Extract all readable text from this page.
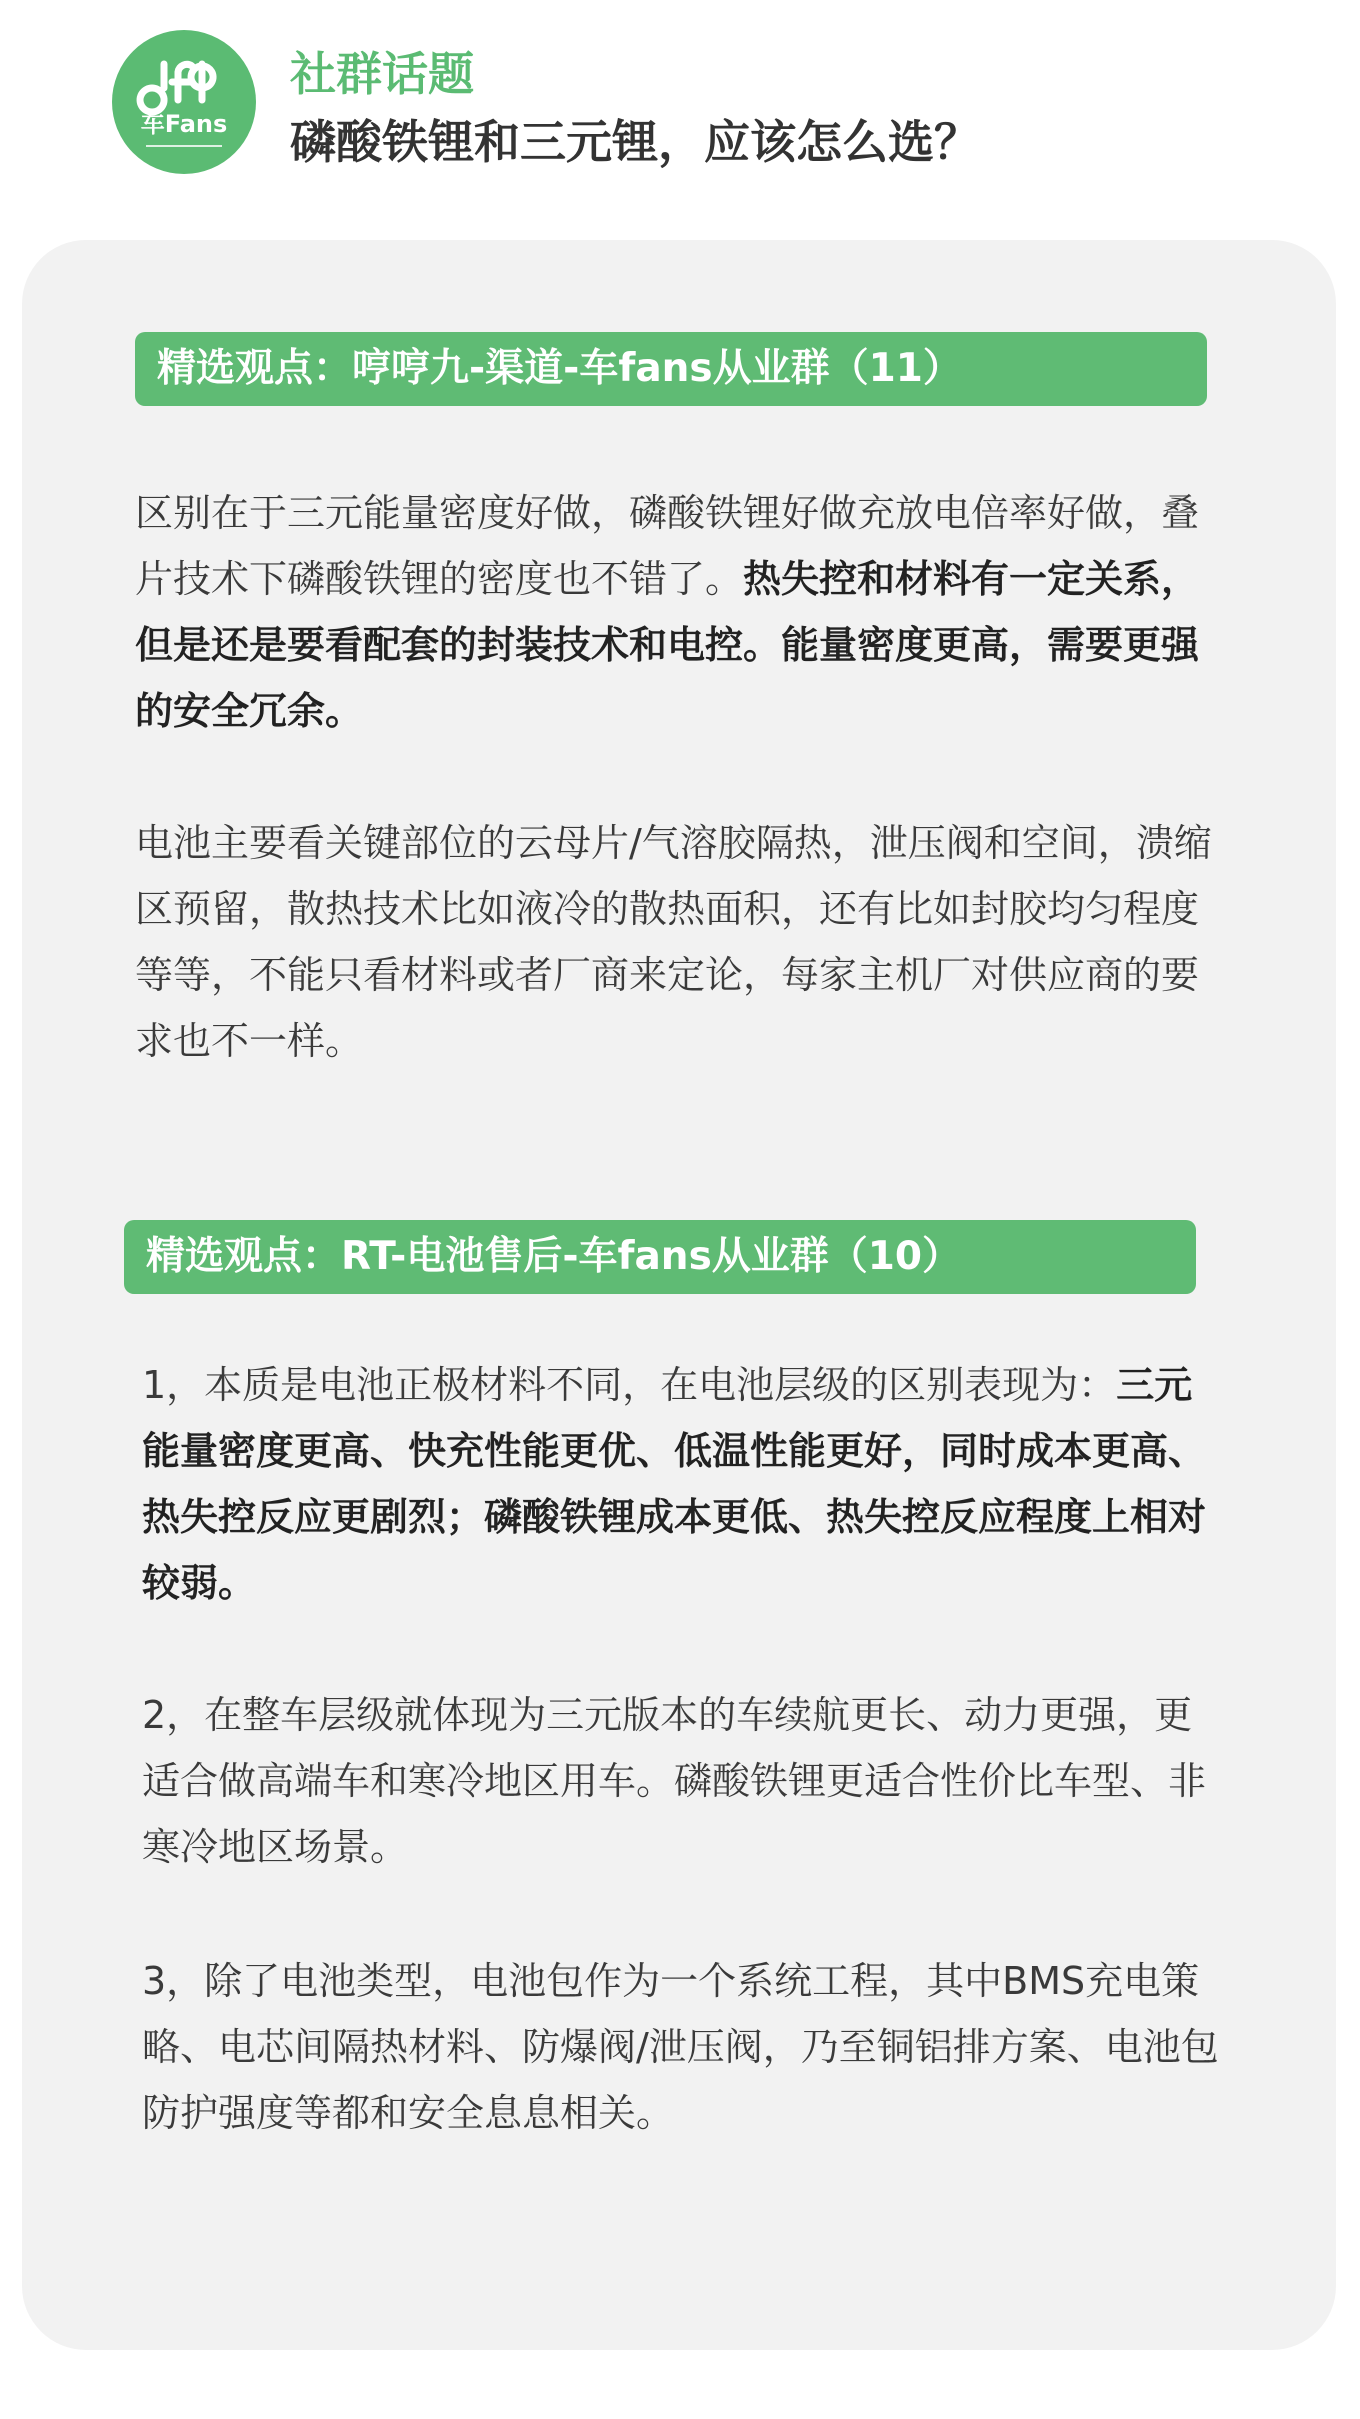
车Fans
社群话题
磷酸铁锂和三元锂，应该怎么选？
精选观点：哼哼九-渠道-车fans从业群（11）
区别在于三元能量密度好做，磷酸铁锂好做充放电倍率好做，叠片技术下磷酸铁锂的密度也不错了。热失控和材料有一定关系，但是还是要看配套的封装技术和电控。能量密度更高，需要更强的安全冗余。
电池主要看关键部位的云母片/气溶胶隔热，泄压阀和空间，溃缩区预留，散热技术比如液冷的散热面积，还有比如封胶均匀程度等等，不能只看材料或者厂商来定论，每家主机厂对供应商的要求也不一样。
精选观点：RT-电池售后-车fans从业群（10）
1，本质是电池正极材料不同，在电池层级的区别表现为：三元能量密度更高、快充性能更优、低温性能更好，同时成本更高、热失控反应更剧烈；磷酸铁锂成本更低、热失控反应程度上相对较弱。
2，在整车层级就体现为三元版本的车续航更长、动力更强，更适合做高端车和寒冷地区用车。磷酸铁锂更适合性价比车型、非寒冷地区场景。
3，除了电池类型，电池包作为一个系统工程，其中BMS充电策略、电芯间隔热材料、防爆阀/泄压阀，乃至铜铝排方案、电池包防护强度等都和安全息息相关。
